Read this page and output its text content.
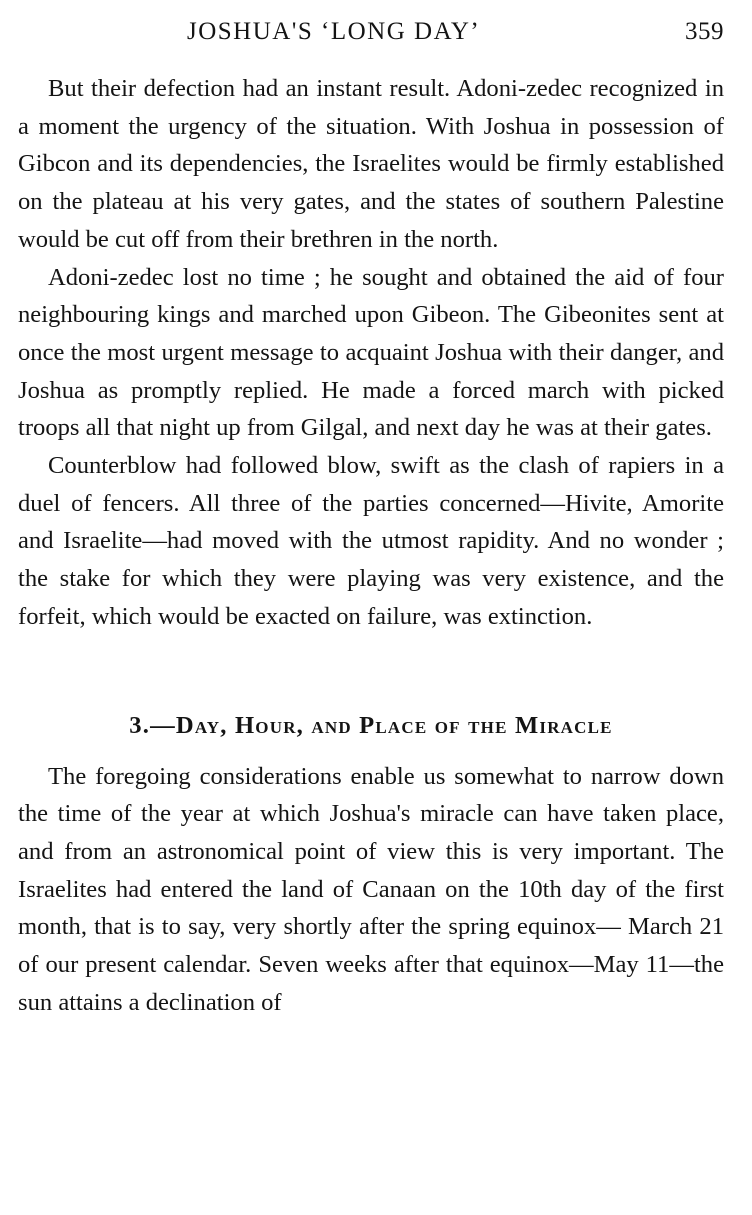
JOSHUA'S ‘LONG DAY’	359

But their defection had an instant result. Adoni-zedec recognized in a moment the urgency of the situation. With Joshua in possession of Gibcon and its dependencies, the Israelites would be firmly established on the plateau at his very gates, and the states of southern Palestine would be cut off from their brethren in the north.

Adoni-zedec lost no time ; he sought and obtained the aid of four neighbouring kings and marched upon Gibeon. The Gibeonites sent at once the most urgent message to acquaint Joshua with their danger, and Joshua as promptly replied. He made a forced march with picked troops all that night up from Gilgal, and next day he was at their gates.

Counterblow had followed blow, swift as the clash of rapiers in a duel of fencers. All three of the parties concerned—Hivite, Amorite and Israelite—had moved with the utmost rapidity. And no wonder ; the stake for which they were playing was very existence, and the forfeit, which would be exacted on failure, was extinction.

3.—Day, Hour, and Place of the Miracle

The foregoing considerations enable us somewhat to narrow down the time of the year at which Joshua's miracle can have taken place, and from an astronomical point of view this is very important. The Israelites had entered the land of Canaan on the 10th day of the first month, that is to say, very shortly after the spring equinox— March 21 of our present calendar. Seven weeks after that equinox—May 11—the sun attains a declination of
